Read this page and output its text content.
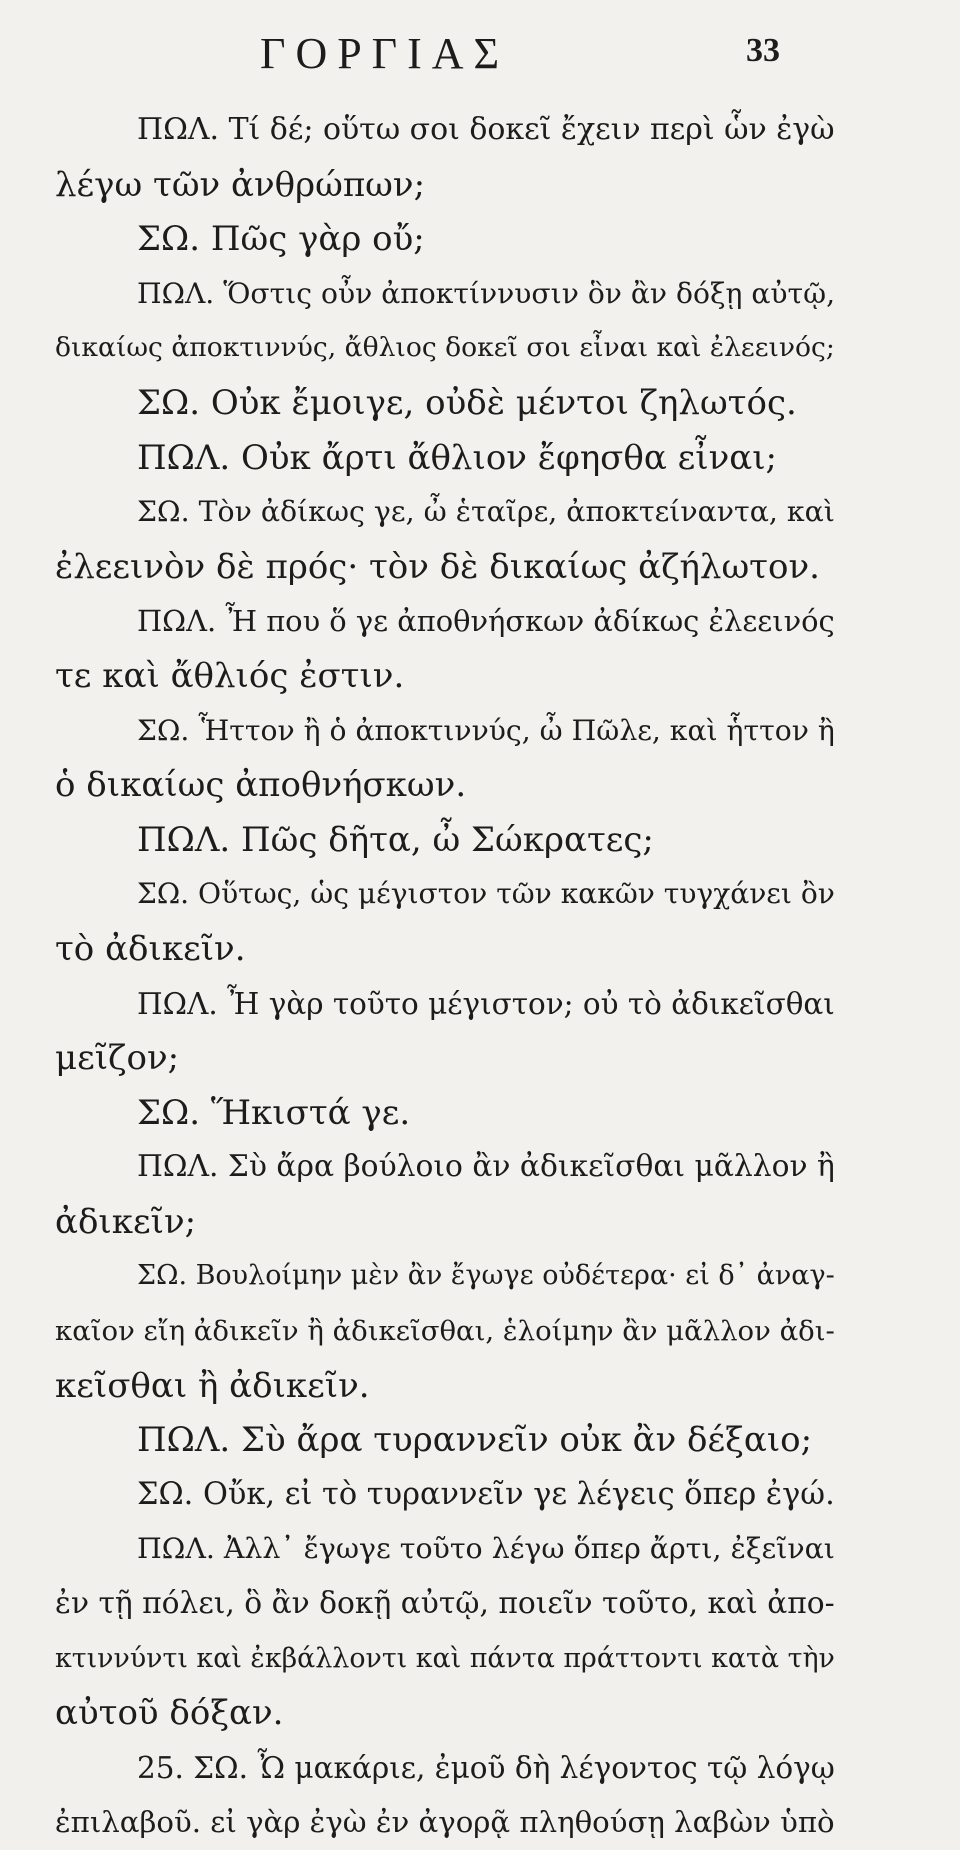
ΓΟΡΓΙΑΣ	33
ΠΩΛ. Τί δέ; οὕτω σοι δοκεῖ ἔχειν περὶ ὧν ἐγὼ
λέγω τῶν ἀνθρώπων;
ΣΩ. Πῶς γὰρ οὔ;
ΠΩΛ. Ὅστις οὖν ἀποκτίννυσιν ὃν ἂν δόξῃ αὐτῷ,
δικαίως ἀποκτιννύς, ἄθλιος δοκεῖ σοι εἶναι καὶ ἐλεεινός;
ΣΩ. Οὐκ ἔμοιγε, οὐδὲ μέντοι ζηλωτός.
ΠΩΛ. Οὐκ ἄρτι ἄθλιον ἔφησθα εἶναι;
ΣΩ. Τὸν ἀδίκως γε, ὦ ἑταῖρε, ἀποκτείναντα, καὶ
ἐλεεινὸν δὲ πρός· τὸν δὲ δικαίως ἀζήλωτον.
ΠΩΛ. Ἦ που ὅ γε ἀποθνήσκων ἀδίκως ἐλεεινός
τε καὶ ἄθλιός ἐστιν.
ΣΩ. Ἧττον ἢ ὁ ἀποκτιννύς, ὦ Πῶλε, καὶ ἧττον ἢ
ὁ δικαίως ἀποθνήσκων.
ΠΩΛ. Πῶς δῆτα, ὦ Σώκρατες;
ΣΩ. Οὕτως, ὡς μέγιστον τῶν κακῶν τυγχάνει ὂν
τὸ ἀδικεῖν.
ΠΩΛ. Ἦ γὰρ τοῦτο μέγιστον; οὐ τὸ ἀδικεῖσθαι
μεῖζον;
ΣΩ. Ἥκιστά γε.
ΠΩΛ. Σὺ ἄρα βούλοιο ἂν ἀδικεῖσθαι μᾶλλον ἢ
ἀδικεῖν;
ΣΩ. Βουλοίμην μὲν ἂν ἔγωγε οὐδέτερα· εἰ δ᾽ ἀναγ-
καῖον εἴη ἀδικεῖν ἢ ἀδικεῖσθαι, ἑλοίμην ἂν μᾶλλον ἀδι-
κεῖσθαι ἢ ἀδικεῖν.
ΠΩΛ. Σὺ ἄρα τυραννεῖν οὐκ ἂν δέξαιο;
ΣΩ. Οὔκ, εἰ τὸ τυραννεῖν γε λέγεις ὅπερ ἐγώ.
ΠΩΛ. Ἀλλ᾽ ἔγωγε τοῦτο λέγω ὅπερ ἄρτι, ἐξεῖναι
ἐν τῇ πόλει, ὃ ἂν δοκῇ αὐτῷ, ποιεῖν τοῦτο, καὶ ἀπο-
κτιννύντι καὶ ἐκβάλλοντι καὶ πάντα πράττοντι κατὰ τὴν
αὐτοῦ δόξαν.
25. ΣΩ. Ὦ μακάριε, ἐμοῦ δὴ λέγοντος τῷ λόγῳ
ἐπιλαβοῦ. εἰ γὰρ ἐγὼ ἐν ἀγορᾷ πληθούσῃ λαβὼν ὑπὸ
